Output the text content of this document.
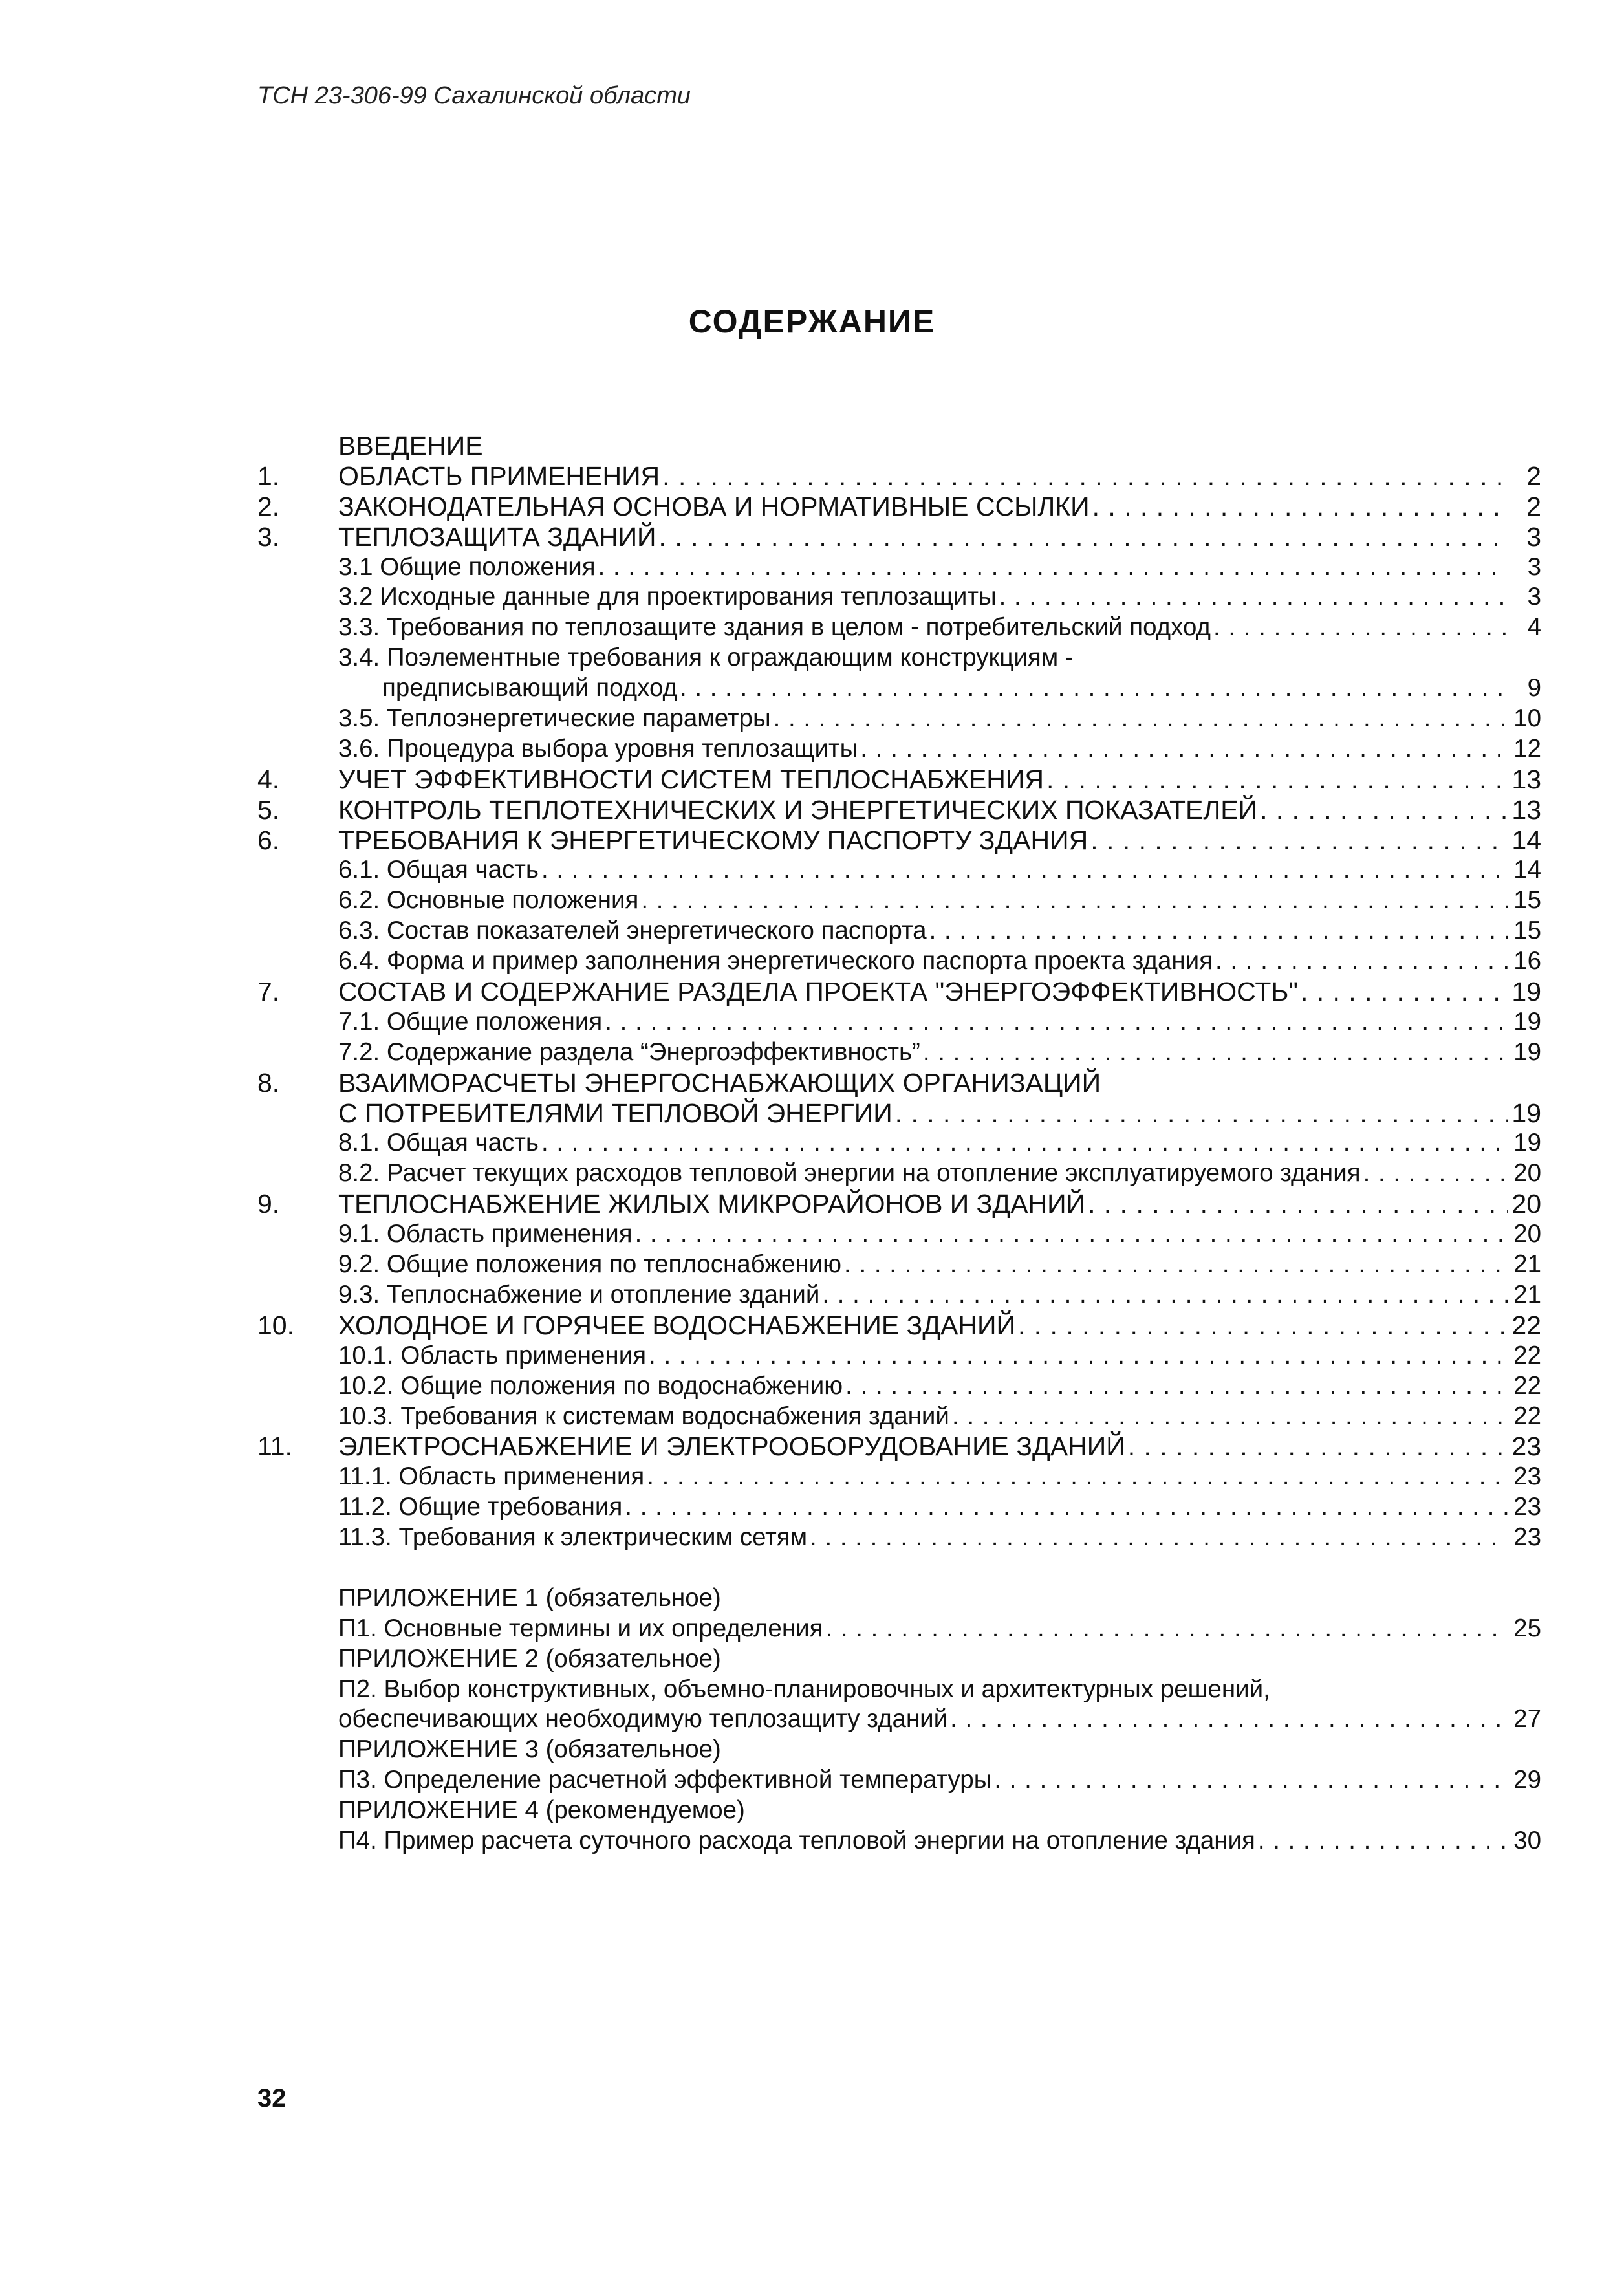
ТСН 23-306-99 Сахалинской области
СОДЕРЖАНИЕ
ВВЕДЕНИЕ
1. ОБЛАСТЬ ПРИМЕНЕНИЯ . . .	2
2. ЗАКОНОДАТЕЛЬНАЯ ОСНОВА И НОРМАТИВНЫЕ ССЫЛКИ . . .	2
3. ТЕПЛОЗАЩИТА ЗДАНИЙ . . .	3
3.1 Общие положения . . .	3
3.2 Исходные данные для проектирования теплозащиты . . .	3
3.3. Требования по теплозащите здания в целом - потребительский подход . . .	4
3.4. Поэлементные требования к ограждающим конструкциям -
предписывающий подход . . .	9
3.5. Теплоэнергетические параметры . . .	10
3.6. Процедура выбора уровня теплозащиты . . .	12
4. УЧЕТ ЭФФЕКТИВНОСТИ СИСТЕМ ТЕПЛОСНАБЖЕНИЯ . . .	13
5. КОНТРОЛЬ ТЕПЛОТЕХНИЧЕСКИХ И ЭНЕРГЕТИЧЕСКИХ ПОКАЗАТЕЛЕЙ . . .	13
6. ТРЕБОВАНИЯ К ЭНЕРГЕТИЧЕСКОМУ ПАСПОРТУ ЗДАНИЯ . . .	14
6.1. Общая часть . . .	14
6.2. Основные положения . . .	15
6.3. Состав показателей энергетического паспорта . . .	15
6.4. Форма и пример заполнения энергетического паспорта проекта здания . . .	16
7. СОСТАВ И СОДЕРЖАНИЕ РАЗДЕЛА ПРОЕКТА "ЭНЕРГОЭФФЕКТИВНОСТЬ" . . .	19
7.1. Общие положения . . .	19
7.2. Содержание раздела “Энергоэффективность” . . .	19
8. ВЗАИМОРАСЧЕТЫ ЭНЕРГОСНАБЖАЮЩИХ ОРГАНИЗАЦИЙ
С ПОТРЕБИТЕЛЯМИ ТЕПЛОВОЙ ЭНЕРГИИ . . .	19
8.1. Общая часть . . .	19
8.2. Расчет текущих расходов тепловой энергии на отопление эксплуатируемого здания . . .	20
9. ТЕПЛОСНАБЖЕНИЕ ЖИЛЫХ МИКРОРАЙОНОВ И ЗДАНИЙ . . .	20
9.1. Область применения . . .	20
9.2. Общие положения по теплоснабжению . . .	21
9.3. Теплоснабжение и отопление зданий . . .	21
10. ХОЛОДНОЕ И ГОРЯЧЕЕ ВОДОСНАБЖЕНИЕ ЗДАНИЙ . . .	22
10.1. Область применения . . .	22
10.2. Общие положения по водоснабжению . . .	22
10.3. Требования к системам водоснабжения зданий . . .	22
11. ЭЛЕКТРОСНАБЖЕНИЕ И ЭЛЕКТРООБОРУДОВАНИЕ ЗДАНИЙ . . .	23
11.1. Область применения . . .	23
11.2. Общие требования . . .	23
11.3. Требования к электрическим сетям . . .	23
ПРИЛОЖЕНИЕ 1 (обязательное)
П1. Основные термины и их определения . . .	25
ПРИЛОЖЕНИЕ 2 (обязательное)
П2. Выбор конструктивных, объемно-планировочных и архитектурных решений,
обеспечивающих необходимую теплозащиту зданий . . .	27
ПРИЛОЖЕНИЕ 3 (обязательное)
П3. Определение расчетной эффективной температуры . . .	29
ПРИЛОЖЕНИЕ 4 (рекомендуемое)
П4. Пример расчета суточного расхода тепловой энергии на отопление здания . . .	30
32
